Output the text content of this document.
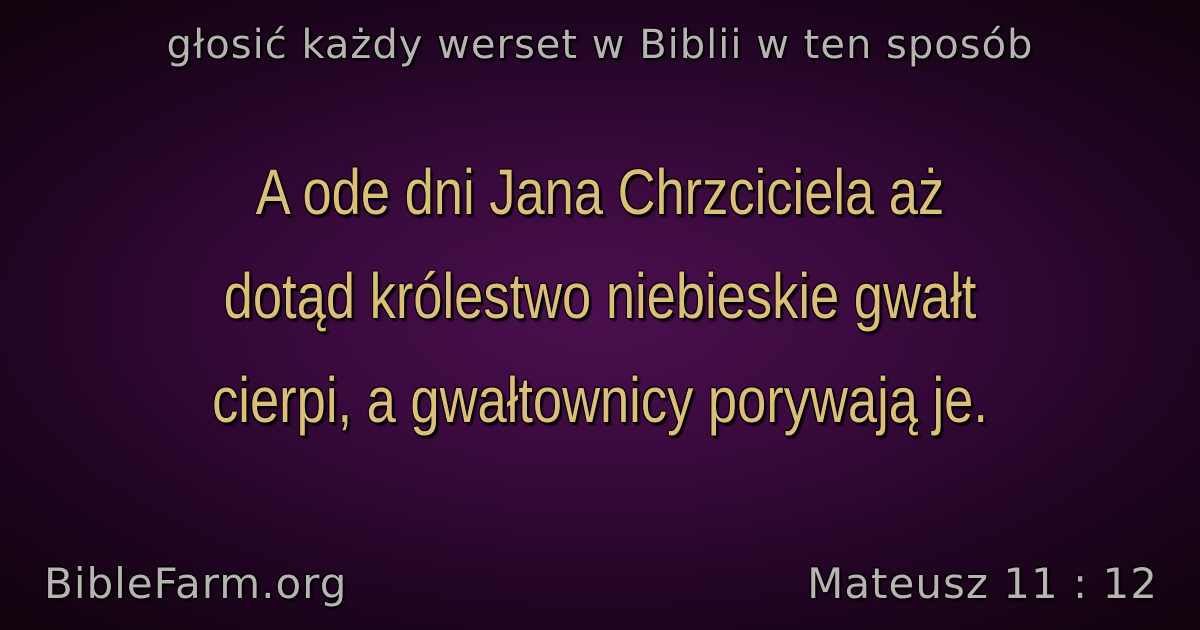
głosić każdy werset w Biblii w ten sposób
A ode dni Jana Chrzciciela aż
dotąd królestwo niebieskie gwałt
cierpi, a gwałtownicy porywają je.
BibleFarm.org	Mateusz 11 : 12
